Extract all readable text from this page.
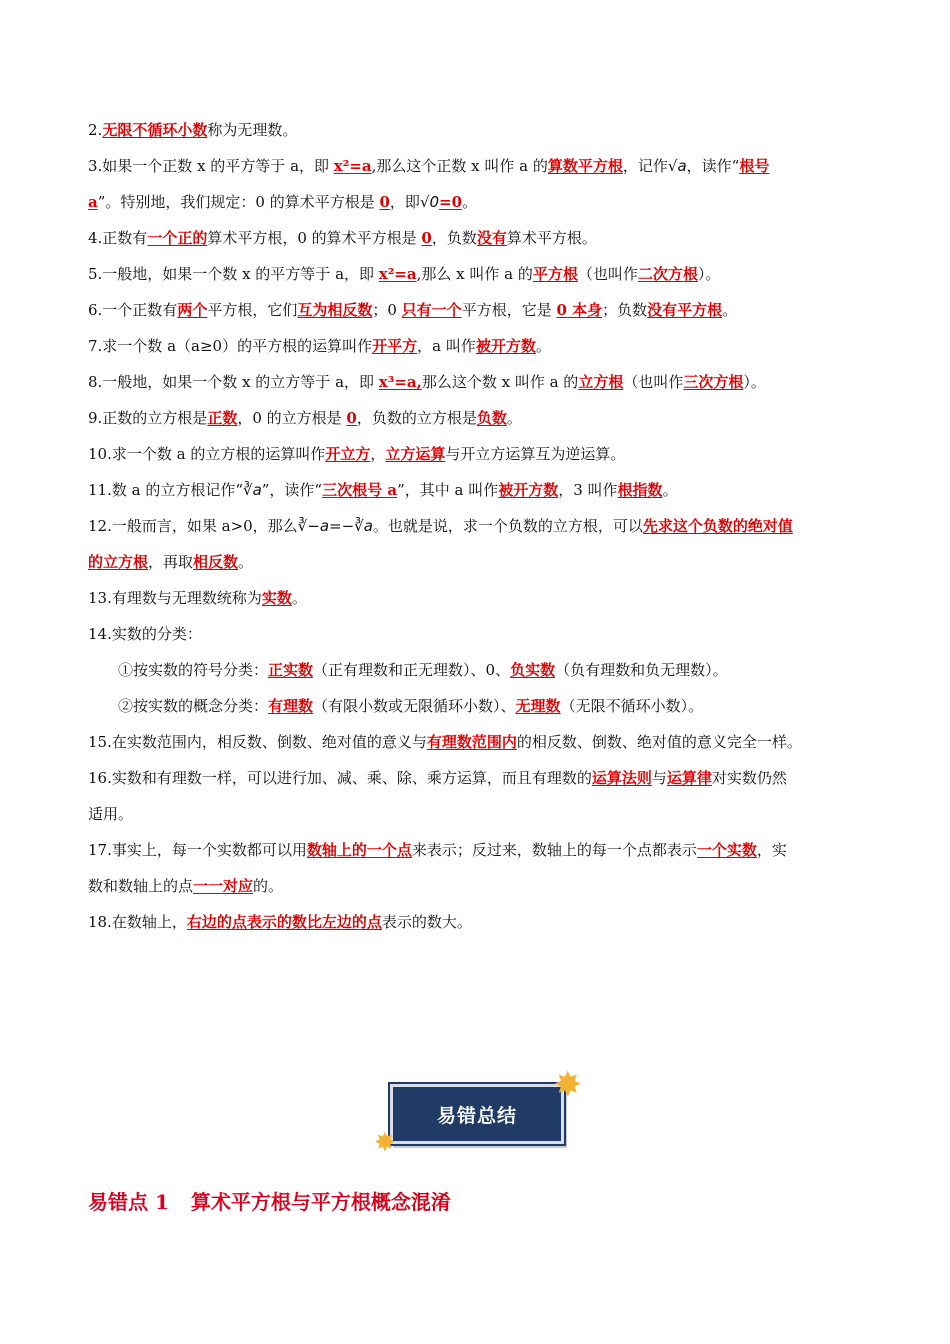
2.无限不循环小数称为无理数。
3.如果一个正数 x 的平方等于 a，即 x²=a,那么这个正数 x 叫作 a 的算数平方根，记作√a，读作“根号
a”。特别地，我们规定：0 的算术平方根是 0，即√0=0。
4.正数有一个正的算术平方根，0 的算术平方根是 0，负数没有算术平方根。
5.一般地，如果一个数 x 的平方等于 a，即 x²=a,那么 x 叫作 a 的平方根（也叫作二次方根）。
6.一个正数有两个平方根，它们互为相反数；0 只有一个平方根，它是 0 本身；负数没有平方根。
7.求一个数 a（a≥0）的平方根的运算叫作开平方，a 叫作被开方数。
8.一般地，如果一个数 x 的立方等于 a，即 x³=a,那么这个数 x 叫作 a 的立方根（也叫作三次方根）。
9.正数的立方根是正数，0 的立方根是 0，负数的立方根是负数。
10.求一个数 a 的立方根的运算叫作开立方，立方运算与开立方运算互为逆运算。
11.数 a 的立方根记作“∛a”，读作“三次根号 a”，其中 a 叫作被开方数，3 叫作根指数。
12.一般而言，如果 a>0，那么∛−a=−∛a。也就是说，求一个负数的立方根，可以先求这个负数的绝对值
的立方根，再取相反数。
13.有理数与无理数统称为实数。
14.实数的分类：
①按实数的符号分类：正实数（正有理数和正无理数）、0、负实数（负有理数和负无理数）。
②按实数的概念分类：有理数（有限小数或无限循环小数）、无理数（无限不循环小数）。
15.在实数范围内，相反数、倒数、绝对值的意义与有理数范围内的相反数、倒数、绝对值的意义完全一样。
16.实数和有理数一样，可以进行加、减、乘、除、乘方运算，而且有理数的运算法则与运算律对实数仍然
适用。
17.事实上，每一个实数都可以用数轴上的一个点来表示；反过来，数轴上的每一个点都表示一个实数，实
数和数轴上的点一一对应的。
18.在数轴上，右边的点表示的数比左边的点表示的数大。
易错总结
✸
✸
易错点 1 算术平方根与平方根概念混淆
